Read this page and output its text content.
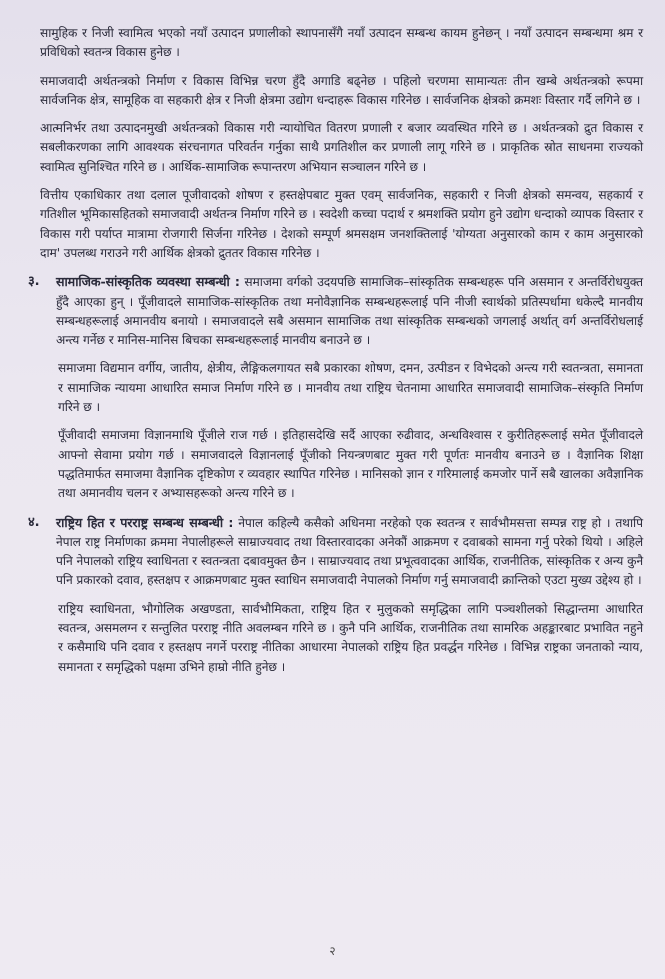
सामुहिक र निजी स्वामित्व भएको नयाँ उत्पादन प्रणालीको स्थापनासँगै नयाँ उत्पादन सम्बन्ध कायम हुनेछन् । नयाँ उत्पादन सम्बन्धमा श्रम र प्रविधिको स्वतन्त्र विकास हुनेछ ।

समाजवादी अर्थतन्त्रको निर्माण र विकास विभिन्न चरण हुँदै अगाडि बढ्नेछ । पहिलो चरणमा सामान्यतः तीन खम्बे अर्थतन्त्रको रूपमा सार्वजनिक क्षेत्र, सामूहिक वा सहकारी क्षेत्र र निजी क्षेत्रमा उद्योग धन्दाहरू विकास गरिनेछ । सार्वजनिक क्षेत्रको क्रमशः विस्तार गर्दै लगिने छ ।

आत्मनिर्भर तथा उत्पादनमुखी अर्थतन्त्रको विकास गरी न्यायोचित वितरण प्रणाली र बजार व्यवस्थित गरिने छ । अर्थतन्त्रको द्रुत विकास र सबलीकरणका लागि आवश्यक संरचनागत परिवर्तन गर्नुका साथै प्रगतिशील कर प्रणाली लागू गरिने छ । प्राकृतिक स्रोत साधनमा राज्यको स्वामित्व सुनिश्चित गरिने छ । आर्थिक-सामाजिक रूपान्तरण अभियान सञ्चालन गरिने छ ।

वित्तीय एकाधिकार तथा दलाल पूजीवादको शोषण र हस्तक्षेपबाट मुक्त एवम् सार्वजनिक, सहकारी र निजी क्षेत्रको समन्वय, सहकार्य र गतिशील भूमिकासहितको समाजवादी अर्थतन्त्र निर्माण गरिने छ । स्वदेशी कच्चा पदार्थ र श्रमशक्ति प्रयोग हुने उद्योग धन्दाको व्यापक विस्तार र विकास गरी पर्याप्त मात्रामा रोजगारी सिर्जना गरिनेछ । देशको सम्पूर्ण श्रमसक्षम जनशक्तिलाई 'योग्यता अनुसारको काम र काम अनुसारको दाम' उपलब्ध गराउने गरी आर्थिक क्षेत्रको द्रुततर विकास गरिनेछ ।

३. सामाजिक-सांस्कृतिक व्यवस्था सम्बन्धी : समाजमा वर्गको उदयपछि सामाजिक–सांस्कृतिक सम्बन्धहरू पनि असमान र अन्तर्विरोधयुक्त हुँदै आएका हुन् । पूँजीवादले सामाजिक-सांस्कृतिक तथा मनोवैज्ञानिक सम्बन्धहरूलाई पनि नीजी स्वार्थको प्रतिस्पर्धामा धकेल्दै मानवीय सम्बन्धहरूलाई अमानवीय बनायो । समाजवादले सबै असमान सामाजिक तथा सांस्कृतिक सम्बन्धको जगलाई अर्थात् वर्ग अन्तर्विरोधलाई अन्त्य गर्नेछ र मानिस-मानिस बिचका सम्बन्धहरूलाई मानवीय बनाउने छ ।

समाजमा विद्यमान वर्गीय, जातीय, क्षेत्रीय, लैङ्गिकलगायत सबै प्रकारका शोषण, दमन, उत्पीडन र विभेदको अन्त्य गरी स्वतन्त्रता, समानता र सामाजिक न्यायमा आधारित समाज निर्माण गरिने छ । मानवीय तथा राष्ट्रिय चेतनामा आधारित समाजवादी सामाजिक–संस्कृति निर्माण गरिने छ ।

पूँजीवादी समाजमा विज्ञानमाथि पूँजीले राज गर्छ । इतिहासदेखि सर्दै आएका रुढीवाद, अन्धविश्वास र कुरीतिहरूलाई समेत पूँजीवादले आफ्नो सेवामा प्रयोग गर्छ । समाजवादले विज्ञानलाई पूँजीको नियन्त्रणबाट मुक्त गरी पूर्णतः मानवीय बनाउने छ । वैज्ञानिक शिक्षा पद्धतिमार्फत समाजमा वैज्ञानिक दृष्टिकोण र व्यवहार स्थापित गरिनेछ । मानिसको ज्ञान र गरिमालाई कमजोर पार्ने सबै खालका अवैज्ञानिक तथा अमानवीय चलन र अभ्यासहरूको अन्त्य गरिने छ ।

४. राष्ट्रिय हित र परराष्ट्र सम्बन्ध सम्बन्धी : नेपाल कहिल्यै कसैको अधिनमा नरहेको एक स्वतन्त्र र सार्वभौमसत्ता सम्पन्न राष्ट्र हो । तथापि नेपाल राष्ट्र निर्माणका क्रममा नेपालीहरूले साम्राज्यवाद तथा विस्तारवादका अनेकौं आक्रमण र दवाबको सामना गर्नु परेको थियो । अहिले पनि नेपालको राष्ट्रिय स्वाधिनता र स्वतन्त्रता दबावमुक्त छैन । साम्राज्यवाद तथा प्रभूत्ववादका आर्थिक, राजनीतिक, सांस्कृतिक र अन्य कुनै पनि प्रकारको दवाव, हस्तक्षप र आक्रमणबाट मुक्त स्वाधिन समाजवादी नेपालको निर्माण गर्नु समाजवादी क्रान्तिको एउटा मुख्य उद्देश्य हो ।

राष्ट्रिय स्वाधिनता, भौगोलिक अखण्डता, सार्वभौमिकता, राष्ट्रिय हित र मुलुकको समृद्धिका लागि पञ्चशीलको सिद्धान्तमा आधारित स्वतन्त्र, असमलग्न र सन्तुलित परराष्ट्र नीति अवलम्बन गरिने छ । कुनै पनि आर्थिक, राजनीतिक तथा सामरिक अहङ्कारबाट प्रभावित नहुने र कसैमाथि पनि दवाव र हस्तक्षप नगर्ने परराष्ट्र नीतिका आधारमा नेपालको राष्ट्रिय हित प्रवर्द्धन गरिनेछ । विभिन्न राष्ट्रका जनताको न्याय, समानता र समृद्धिको पक्षमा उभिने हाम्रो नीति हुनेछ ।

२
